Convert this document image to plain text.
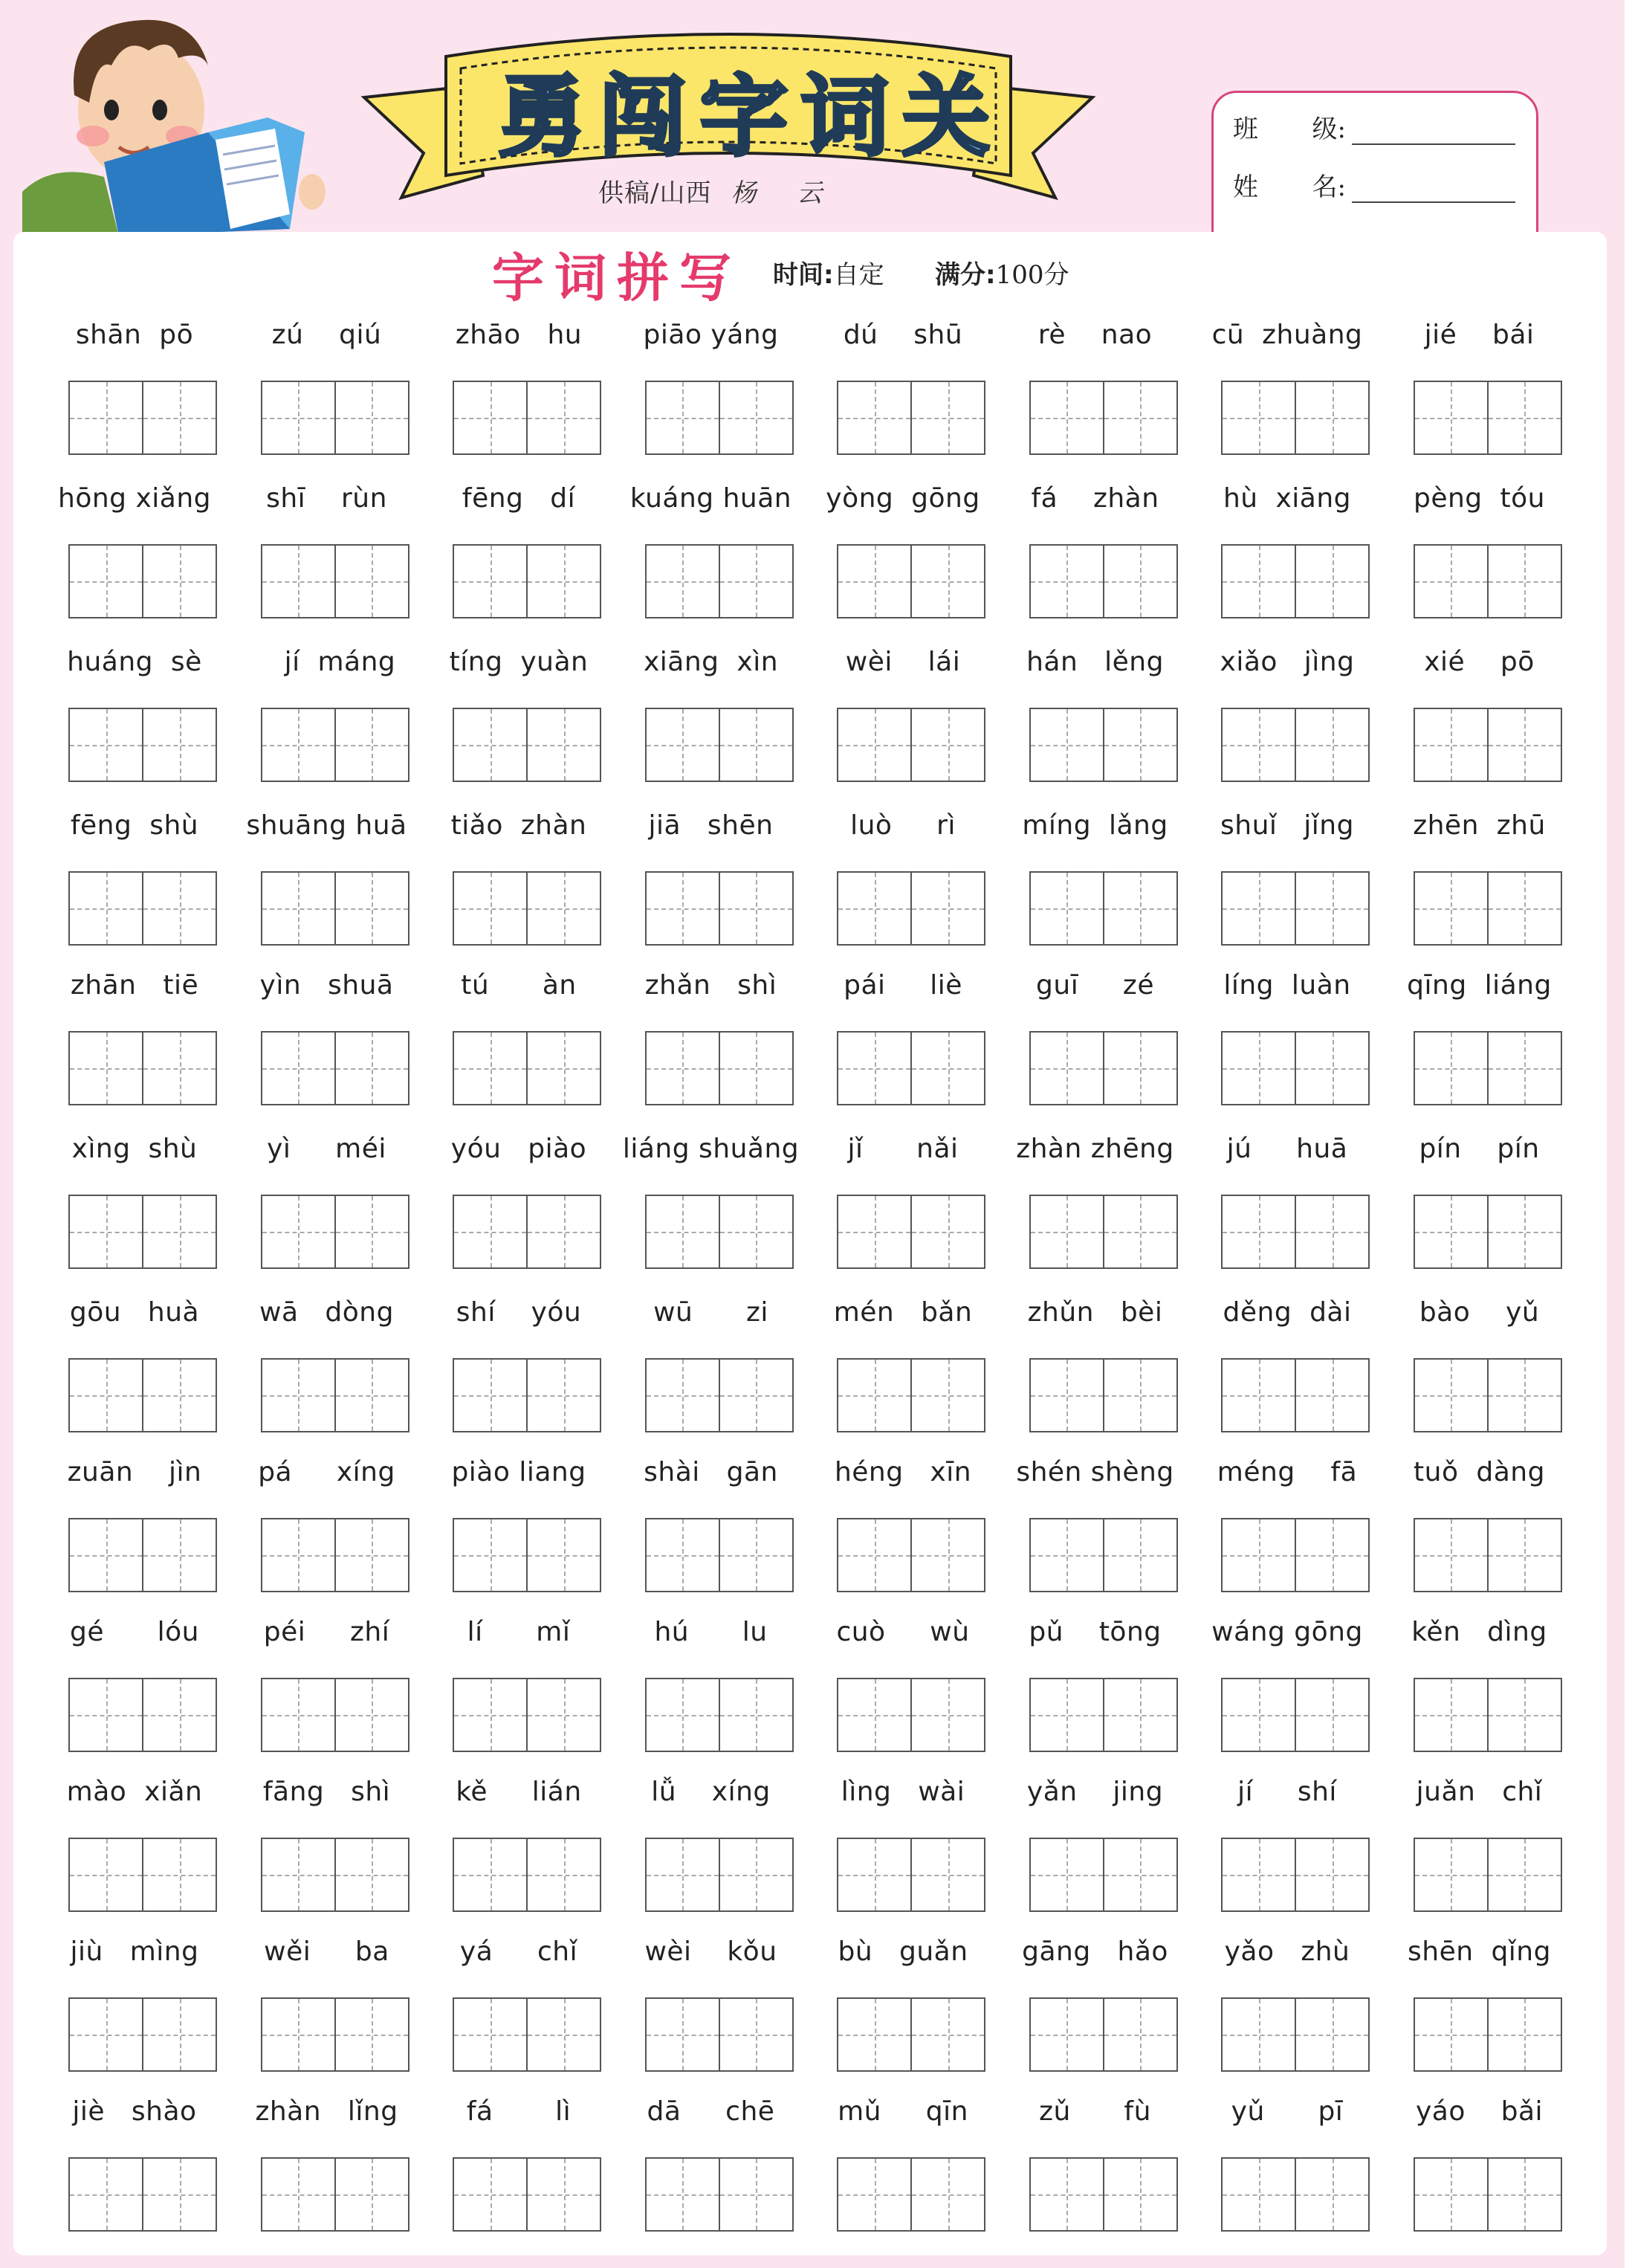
勇闯字词关
供稿/山西 杨 云
班 级:
姓 名:
字词拼写 时间:自定 满分:100分
shān  pō	zú    qiú	zhāo   hu	piāo yáng	dú    shū	rè    nao	cū  zhuàng	jié    bái
hōng xiǎng	shī    rùn	fēng   dí	kuáng huān	yòng  gōng	fá    zhàn	hù  xiāng	pèng  tóu
huáng  sè	jí  máng	tíng  yuàn	xiāng  xìn	wèi    lái	hán   lěng	xiǎo   jìng	xié    pō
fēng  shù	shuāng huā	tiǎo  zhàn	jiā   shēn	luò     rì	míng  lǎng	shuǐ   jǐng	zhēn  zhū
zhān   tiē	yìn   shuā	tú      àn	zhǎn   shì	pái     liè	guī     zé	líng  luàn	qīng  liáng
xìng  shù	yì     méi	yóu   piào	liáng shuǎng	jǐ      nǎi	zhàn zhēng	jú     huā	pín    pín
gōu   huà	wā   dòng	shí    yóu	wū      zi	mén   bǎn	zhǔn   bèi	děng  dài	bào    yǔ
zuān    jìn	pá     xíng	piào liang	shài   gān	héng   xīn	shén shèng	méng    fā	tuǒ  dàng
gé      lóu	péi     zhí	lí      mǐ	hú      lu	cuò     wù	pǔ    tōng	wáng gōng	kěn   dìng
mào  xiǎn	fāng   shì	kě     lián	lǚ    xíng	lìng   wài	yǎn    jing	jí     shí	juǎn   chǐ
jiù   mìng	wěi     ba	yá     chǐ	wèi    kǒu	bù   guǎn	gāng   hǎo	yǎo   zhù	shēn  qǐng
jiè   shào	zhàn   lǐng	fá       lì	dā     chē	mǔ     qīn	zǔ      fù	yǔ      pī	yáo    bǎi
